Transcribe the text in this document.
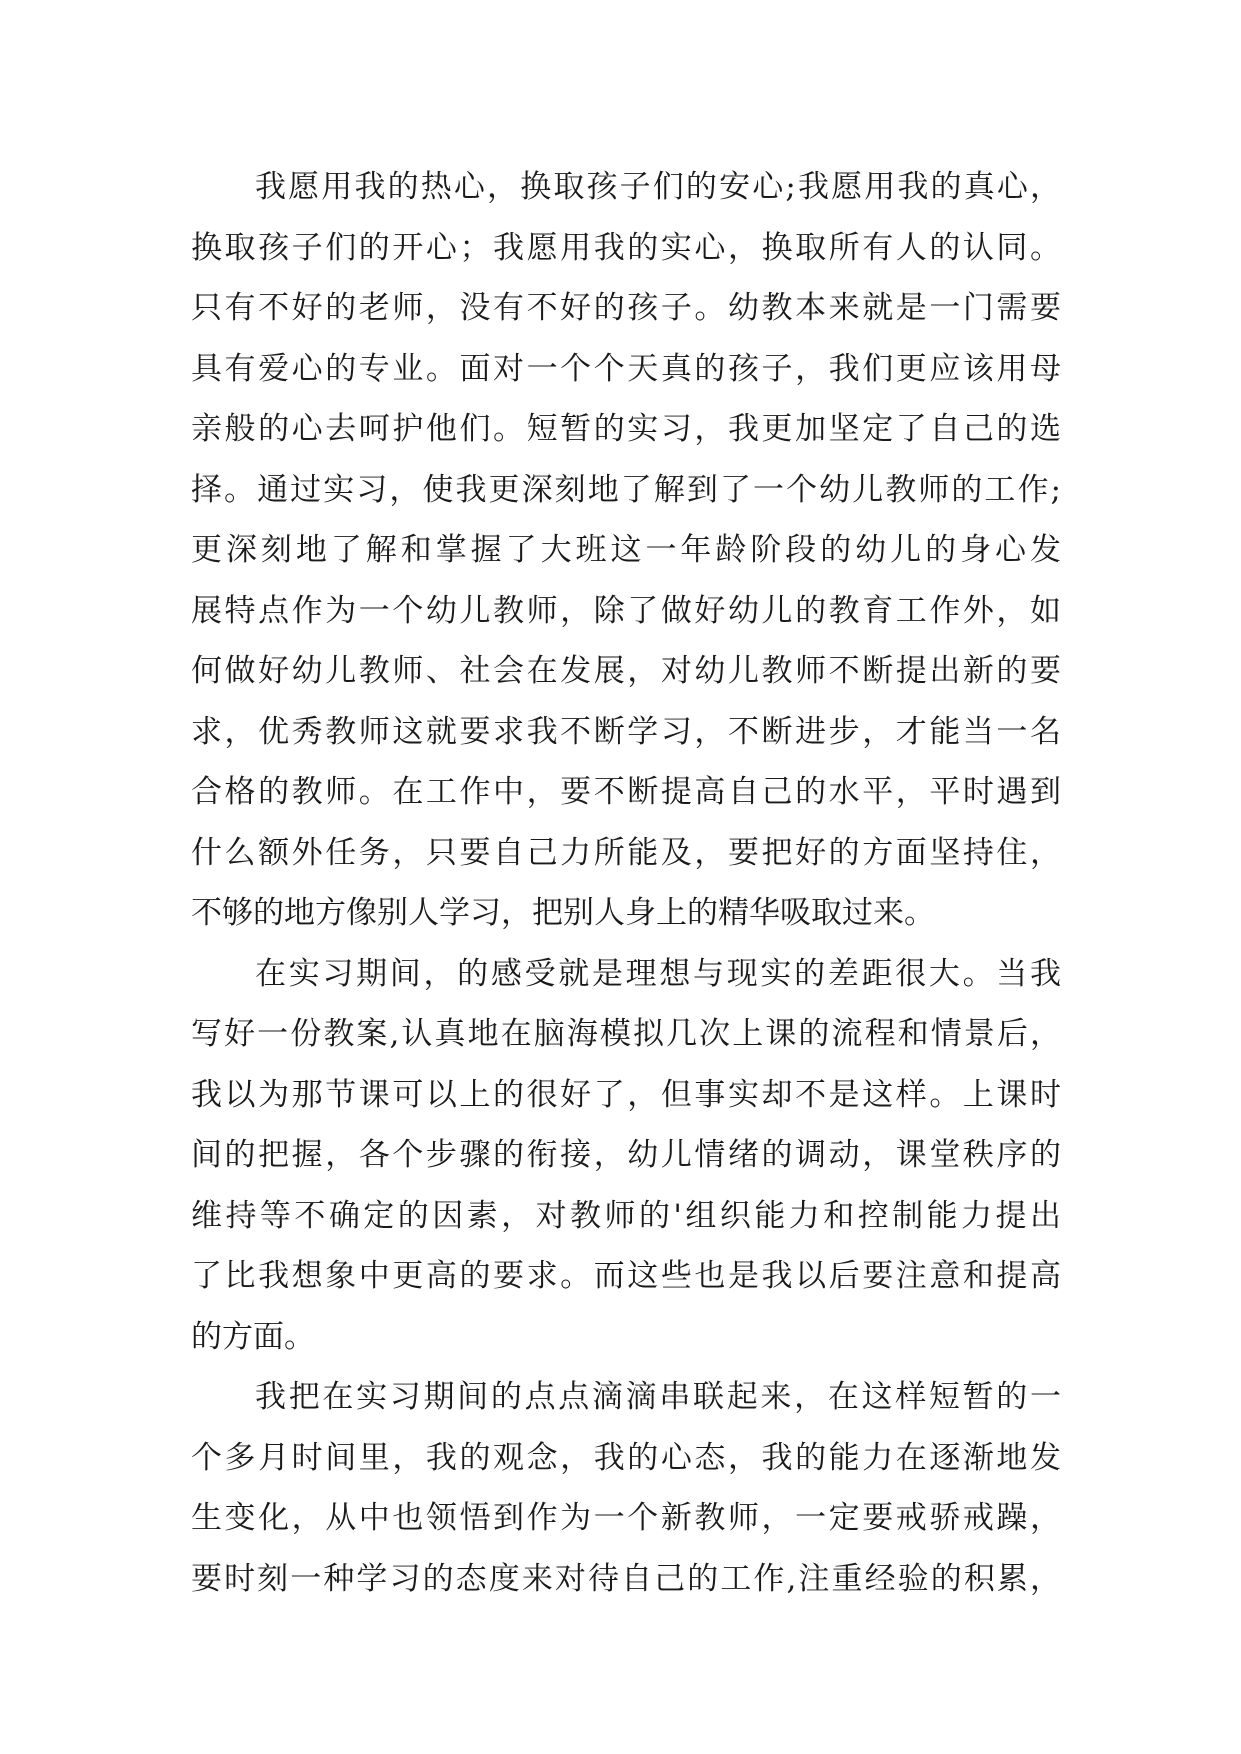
我愿用我的热心，换取孩子们的安心;我愿用我的真心，
换取孩子们的开心；我愿用我的实心，换取所有人的认同。
只有不好的老师，没有不好的孩子。幼教本来就是一门需要
具有爱心的专业。面对一个个天真的孩子，我们更应该用母
亲般的心去呵护他们。短暂的实习，我更加坚定了自己的选
择。通过实习，使我更深刻地了解到了一个幼儿教师的工作;
更深刻地了解和掌握了大班这一年龄阶段的幼儿的身心发
展特点作为一个幼儿教师，除了做好幼儿的教育工作外，如
何做好幼儿教师、社会在发展，对幼儿教师不断提出新的要
求，优秀教师这就要求我不断学习，不断进步，才能当一名
合格的教师。在工作中，要不断提高自己的水平，平时遇到
什么额外任务，只要自己力所能及，要把好的方面坚持住，
不够的地方像别人学习，把别人身上的精华吸取过来。
在实习期间，的感受就是理想与现实的差距很大。当我
写好一份教案,认真地在脑海模拟几次上课的流程和情景后，
我以为那节课可以上的很好了，但事实却不是这样。上课时
间的把握，各个步骤的衔接，幼儿情绪的调动，课堂秩序的
维持等不确定的因素，对教师的'组织能力和控制能力提出
了比我想象中更高的要求。而这些也是我以后要注意和提高
的方面。
我把在实习期间的点点滴滴串联起来，在这样短暂的一
个多月时间里，我的观念，我的心态，我的能力在逐渐地发
生变化，从中也领悟到作为一个新教师，一定要戒骄戒躁，
要时刻一种学习的态度来对待自己的工作,注重经验的积累，
